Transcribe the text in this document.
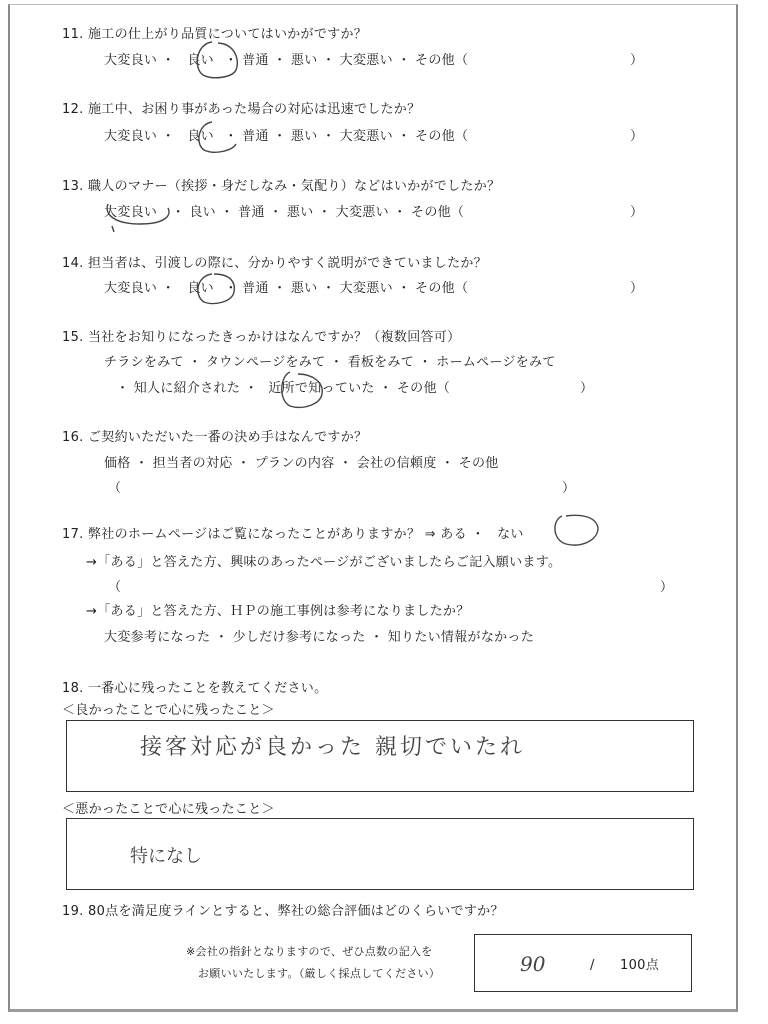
11. 施工の仕上がり品質についてはいかがですか？
大変良い ・ 良い ・ 普通 ・ 悪い ・ 大変悪い ・ その他（	）
12. 施工中、お困り事があった場合の対応は迅速でしたか？
大変良い ・ 良い ・ 普通 ・ 悪い ・ 大変悪い ・ その他（	）
13. 職人のマナー（挨拶・身だしなみ・気配り）などはいかがでしたか？
大変良い ・ 良い ・ 普通 ・ 悪い ・ 大変悪い ・ その他（	）
14. 担当者は、引渡しの際に、分かりやすく説明ができていましたか？
大変良い ・ 良い ・ 普通 ・ 悪い ・ 大変悪い ・ その他（	）
15. 当社をお知りになったきっかけはなんですか？（複数回答可）
チラシをみて ・ タウンページをみて ・ 看板をみて ・ ホームページをみて
・ 知人に紹介された ・ 近所で知っていた ・ その他（	）
16. ご契約いただいた一番の決め手はなんですか？
価格 ・ 担当者の対応 ・ プランの内容 ・ 会社の信頼度 ・ その他
（	）
17. 弊社のホームページはご覧になったことがありますか？ ⇒ ある ・ ない
→「ある」と答えた方、興味のあったページがございましたらご記入願います。
（	）
→「ある」と答えた方、ＨＰの施工事例は参考になりましたか？
大変参考になった ・ 少しだけ参考になった ・ 知りたい情報がなかった
18. 一番心に残ったことを教えてください。
＜良かったことで心に残ったこと＞
接客対応が良かった 親切でいたれ
＜悪かったことで心に残ったこと＞
特になし
19. 80点を満足度ラインとすると、弊社の総合評価はどのくらいですか？
※会社の指針となりますので、ぜひ点数の記入を
お願いいたします。（厳しく採点してください）	90	/ 100点
